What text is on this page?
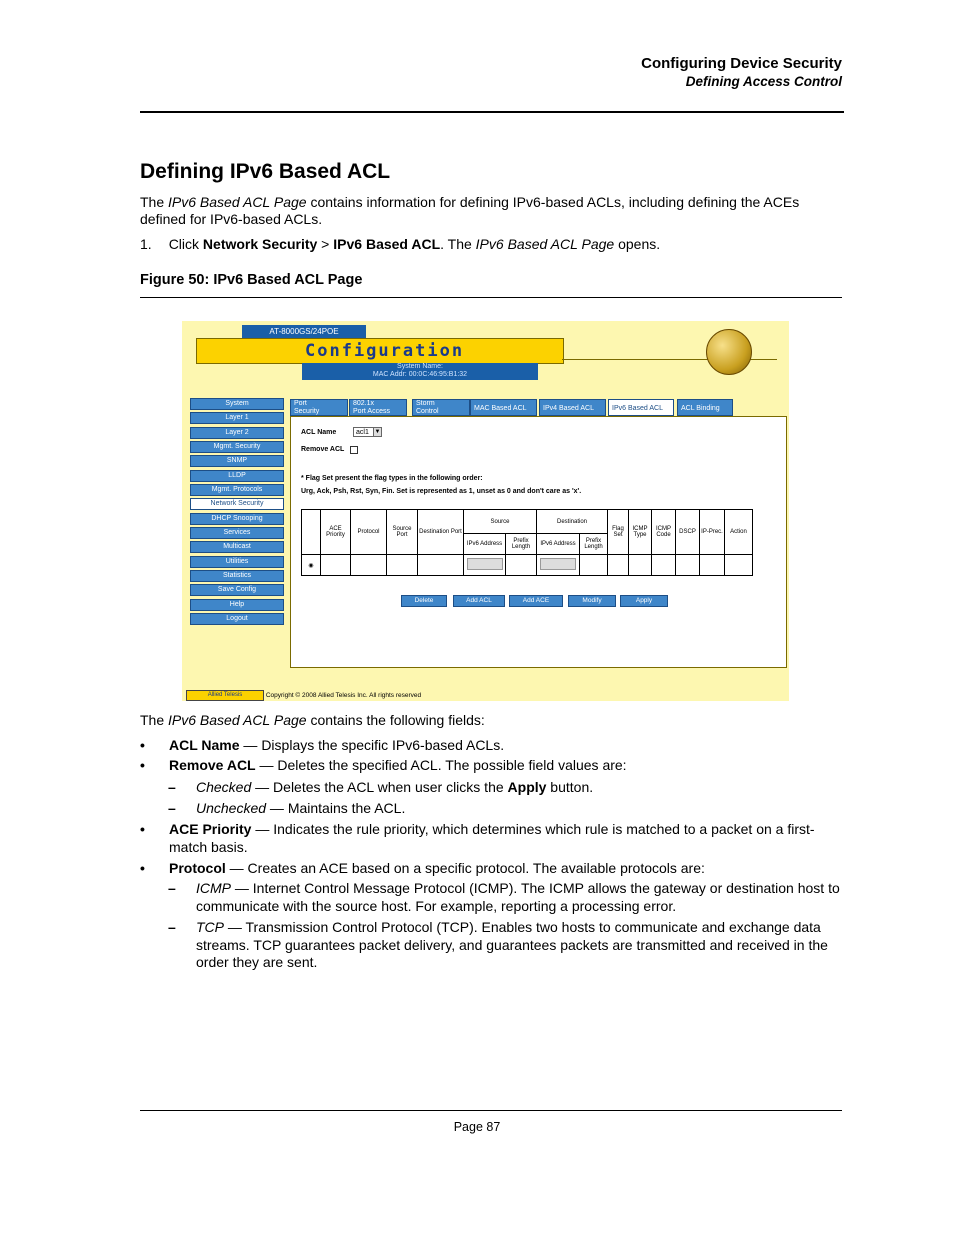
Configuring Device Security
Defining Access Control
Defining IPv6 Based ACL
The IPv6 Based ACL Page contains information for defining IPv6-based ACLs, including defining the ACEs defined for IPv6-based ACLs.
1. Click Network Security > IPv6 Based ACL. The IPv6 Based ACL Page opens.
Figure 50: IPv6 Based ACL Page
AT-8000GS/24POE
Configuration
System Name:
MAC Addr: 00:0C:46:95:B1:32
System
Layer 1
Layer 2
Mgmt. Security
SNMP
LLDP
Mgmt. Protocols
Network Security
DHCP Snooping
Services
Multicast
Utilities
Statistics
Save Config
Help
Logout
Port
Security
802.1x
Port Access
Storm
Control	MAC Based ACL	IPv4 Based ACL	IPv6 Based ACL	ACL Binding
ACL Name	acl1 ▼
Remove ACL
* Flag Set present the flag types in the following order:
Urg, Ack, Psh, Rst, Syn, Fin. Set is represented as 1, unset as 0 and don't care as 'x'.
	ACE Priority	Protocol	Source Port	Destination Port	Source		Destination		Flag Set	ICMP Type	ICMP Code	DSCP	IP-Prec.	Action
					IPv6 Address	Prefix Length	IPv6 Address	Prefix Length						
◉														
Delete	Add ACL	Add ACE	Modify	Apply
Allied Telesis	Copyright © 2008 Allied Telesis Inc. All rights reserved
The IPv6 Based ACL Page contains the following fields:
• ACL Name — Displays the specific IPv6-based ACLs.
• Remove ACL — Deletes the specified ACL. The possible field values are:
– Checked — Deletes the ACL when user clicks the Apply button.
– Unchecked — Maintains the ACL.
• ACE Priority — Indicates the rule priority, which determines which rule is matched to a packet on a first-match basis.
• Protocol — Creates an ACE based on a specific protocol. The available protocols are:
– ICMP — Internet Control Message Protocol (ICMP). The ICMP allows the gateway or destination host to communicate with the source host. For example, reporting a processing error.
– TCP — Transmission Control Protocol (TCP). Enables two hosts to communicate and exchange data streams. TCP guarantees packet delivery, and guarantees packets are transmitted and received in the order they are sent.
Page 87
